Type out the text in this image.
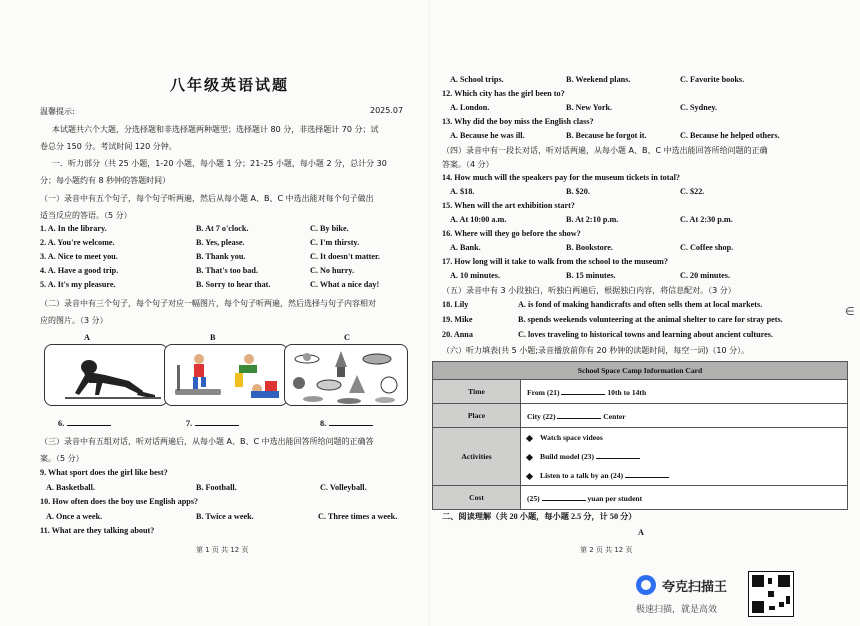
八年级英语试题
温馨提示:	2025.07
本试题共六个大题，分选择题和非选择题两种题型；选择题计 80 分，非选择题计 70 分；试
卷总分 150 分。考试时间 120 分钟。
一．听力部分（共 25 小题，1-20 小题，每小题 1 分；21-25 小题，每小题 2 分，总计分 30
分；每小题约有 8 秒钟的答题时间）
（一）录音中有五个句子，每个句子听两遍，然后从每小题 A、B、C 中选出能对每个句子做出
适当反应的答语。（5 分）
1. A. In the library.	B. At 7 o'clock.	C. By bike.
2. A. You're welcome.	B. Yes, please.	C. I'm thirsty.
3. A. Nice to meet you.	B. Thank you.	C. It doesn't matter.
4. A. Have a good trip.	B. That's too bad.	C. No hurry.
5. A. It's my pleasure.	B. Sorry to hear that.	C. What a nice day!
（二）录音中有三个句子，每个句子对应一幅图片，每个句子听两遍，然后选择与句子内容相对
应的图片。（3 分）
A	B	C
6.	7.	8.
（三）录音中有五组对话，听对话两遍后，从每小题 A、B、C 中选出能回答所给问题的正确答
案。（5 分）
9. What sport does the girl like best?
A. Basketball.	B. Football.	C. Volleyball.
10. How often does the boy use English apps?
A. Once a week.	B. Twice a week.	C. Three times a week.
11. What are they talking about?
第 1 页 共 12 页
A. School trips.	B. Weekend plans.	C. Favorite books.
12. Which city has the girl been to?
A. London.	B. New York.	C. Sydney.
13. Why did the boy miss the English class?
A. Because he was ill.	B. Because he forgot it.	C. Because he helped others.
（四）录音中有一段长对话，听对话两遍，从每小题 A、B、C 中选出能回答所给问题的正确
答案。（4 分）
14. How much will the speakers pay for the museum tickets in total?
A. $18.	B. $20.	C. $22.
15. When will the art exhibition start?
A. At 10:00 a.m.	B. At 2:10 p.m.	C. At 2:30 p.m.
16. Where will they go before the show?
A. Bank.	B. Bookstore.	C. Coffee shop.
17. How long will it take to walk from the school to the museum?
A. 10 minutes.	B. 15 minutes.	C. 20 minutes.
（五）录音中有 3 小段独白，听独白两遍后，根据独白内容，将信息配对。（3 分）
18. Lily	A. is fond of making handicrafts and often sells them at local markets.
19. Mike	B. spends weekends volunteering at the animal shelter to care for stray pets.
20. Anna	C. loves traveling to historical towns and learning about ancient cultures.
（六）听力填表(共 5 小题;录音播放前你有 20 秒钟的读题时间，每空一词)（10 分）。
二、阅读理解（共 20 小题，每小题 2.5 分，计 50 分）
A
第 2 页 共 12 页
School Space Camp Information Card	
Time	From (21) 10th to 14th
Place	City (22) Center
Activities	Watch space videos
Build model (23)
Listen to a talk by an (24)

Cost	(25) yuan per student
∈
夸克扫描王
极速扫描，就是高效
